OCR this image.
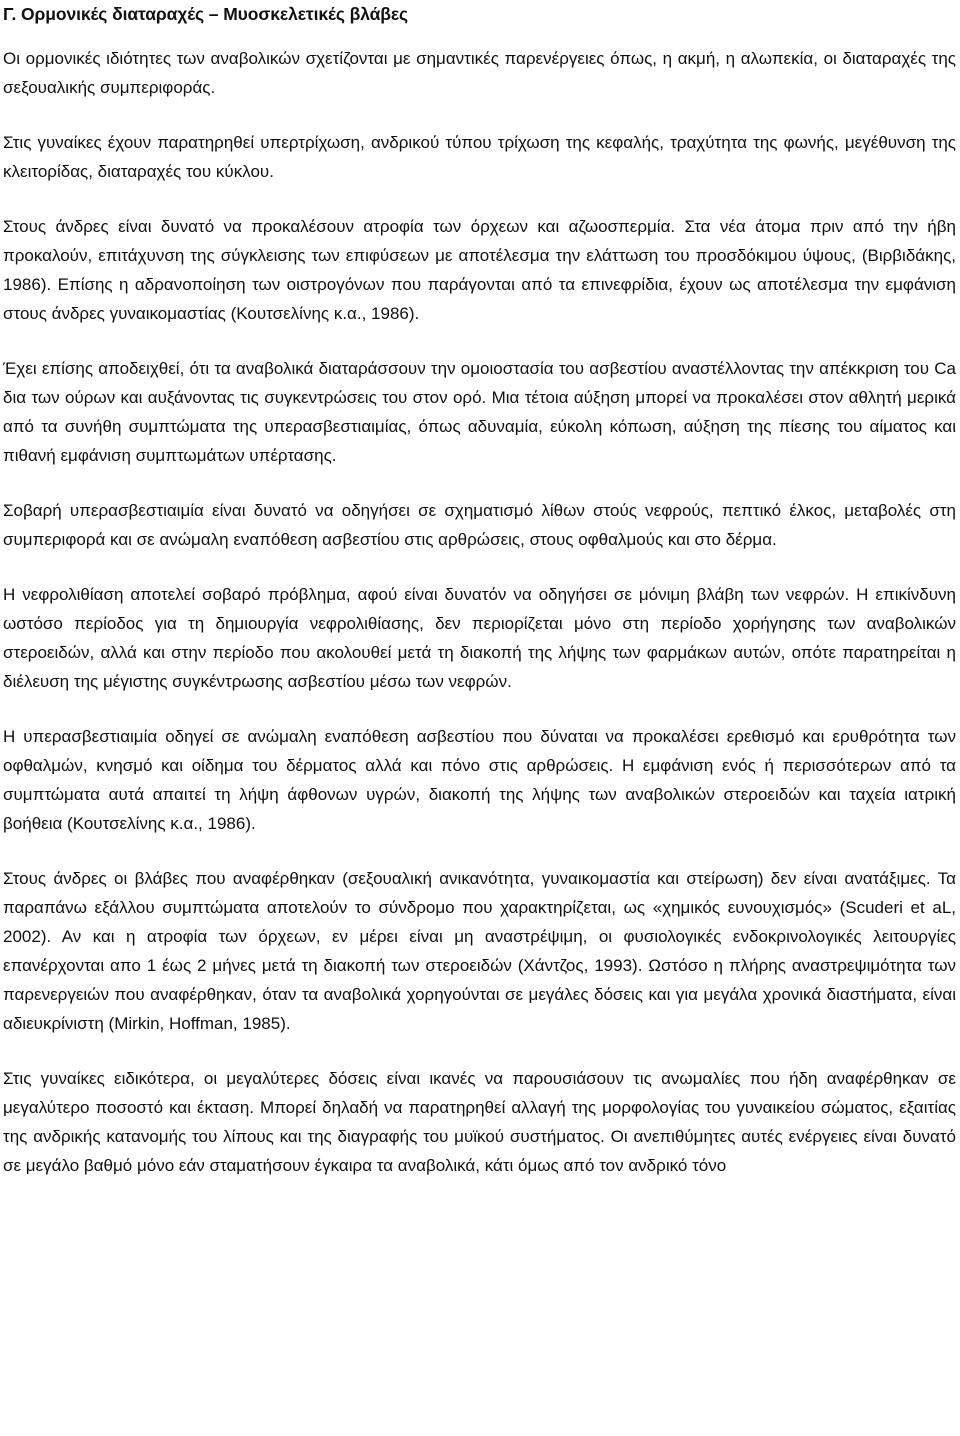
Γ. Ορμονικές διαταραχές – Μυοσκελετικές βλάβες

Οι ορμονικές ιδιότητες των αναβολικών σχετίζονται με σημαντικές παρενέργειες όπως, η ακμή, η αλωπεκία, οι διαταραχές της σεξουαλικής συμπεριφοράς.

Στις γυναίκες έχουν παρατηρηθεί υπερτρίχωση, ανδρικού τύπου τρίχωση της κεφαλής, τραχύτητα της φωνής, μεγέθυνση της κλειτορίδας, διαταραχές του κύκλου.

Στους άνδρες είναι δυνατό να προκαλέσουν ατροφία των όρχεων και αζωοσπερμία. Στα νέα άτομα πριν από την ήβη προκαλούν, επιτάχυνση της σύγκλεισης των επιφύσεων με αποτέλεσμα την ελάττωση του προσδόκιμου ύψους, (Βιρβιδάκης, 1986). Επίσης η αδρανοποίηση των οιστρογόνων που παράγονται από τα επινεφρίδια, έχουν ως αποτέλεσμα την εμφάνιση στους άνδρες γυναικομαστίας (Κουτσελίνης κ.α., 1986).

Έχει επίσης αποδειχθεί, ότι τα αναβολικά διαταράσσουν την ομοιοστασία του ασβεστίου αναστέλλοντας την απέκκριση του Ca δια των ούρων και αυξάνοντας τις συγκεντρώσεις του στον ορό. Μια τέτοια αύξηση μπορεί να προκαλέσει στον αθλητή μερικά από τα συνήθη συμπτώματα της υπερασβεστιαιμίας, όπως αδυναμία, εύκολη κόπωση, αύξηση της πίεσης του αίματος και πιθανή εμφάνιση συμπτωμάτων υπέρτασης.

Σοβαρή υπερασβεστιαιμία είναι δυνατό να οδηγήσει σε σχηματισμό λίθων στούς νεφρούς, πεπτικό έλκος, μεταβολές στη συμπεριφορά και σε ανώμαλη εναπόθεση ασβεστίου στις αρθρώσεις, στους οφθαλμούς και στο δέρμα.

Η νεφρολιθίαση αποτελεί σοβαρό πρόβλημα, αφού είναι δυνατόν να οδηγήσει σε μόνιμη βλάβη των νεφρών. Η επικίνδυνη ωστόσο περίοδος για τη δημιουργία νεφρολιθίασης, δεν περιορίζεται μόνο στη περίοδο χορήγησης των αναβολικών στεροειδών, αλλά και στην περίοδο που ακολουθεί μετά τη διακοπή της λήψης των φαρμάκων αυτών, οπότε παρατηρείται η διέλευση της μέγιστης συγκέντρωσης ασβεστίου μέσω των νεφρών.

Η υπερασβεστιαιμία οδηγεί σε ανώμαλη εναπόθεση ασβεστίου που δύναται να προκαλέσει ερεθισμό και ερυθρότητα των οφθαλμών, κνησμό και οίδημα του δέρματος αλλά και πόνο στις αρθρώσεις. Η εμφάνιση ενός ή περισσότερων από τα συμπτώματα αυτά απαιτεί τη λήψη άφθονων υγρών, διακοπή της λήψης των αναβολικών στεροειδών και ταχεία ιατρική βοήθεια (Κουτσελίνης κ.α., 1986).

Στους άνδρες οι βλάβες που αναφέρθηκαν (σεξουαλική ανικανότητα, γυναικομαστία και στείρωση) δεν είναι ανατάξιμες. Τα παραπάνω εξάλλου συμπτώματα αποτελούν το σύνδρομο που χαρακτηρίζεται, ως «χημικός ευνουχισμός» (Scuderi et aL, 2002). Αν και η ατροφία των όρχεων, εν μέρει είναι μη αναστρέψιμη, οι φυσιολογικές ενδοκρινολογικές λειτουργίες επανέρχονται απο 1 έως 2 μήνες μετά τη διακοπή των στεροειδών (Χάντζος, 1993). Ωστόσο η πλήρης αναστρεψιμότητα των παρενεργειών που αναφέρθηκαν, όταν τα αναβολικά χορηγούνται σε μεγάλες δόσεις και για μεγάλα χρονικά διαστήματα, είναι αδιευκρίνιστη (Mirkin, Hoffman, 1985).

Στις γυναίκες ειδικότερα, οι μεγαλύτερες δόσεις είναι ικανές να παρουσιάσουν τις ανωμαλίες που ήδη αναφέρθηκαν σε μεγαλύτερο ποσοστό και έκταση. Μπορεί δηλαδή να παρατηρηθεί αλλαγή της μορφολογίας του γυναικείου σώματος, εξαιτίας της ανδρικής κατανομής του λίπους και της διαγραφής του μυϊκού συστήματος. Οι ανεπιθύμητες αυτές ενέργειες είναι δυνατό σε μεγάλο βαθμό μόνο εάν σταματήσουν έγκαιρα τα αναβολικά, κάτι όμως από τον ανδρικό τόνο
